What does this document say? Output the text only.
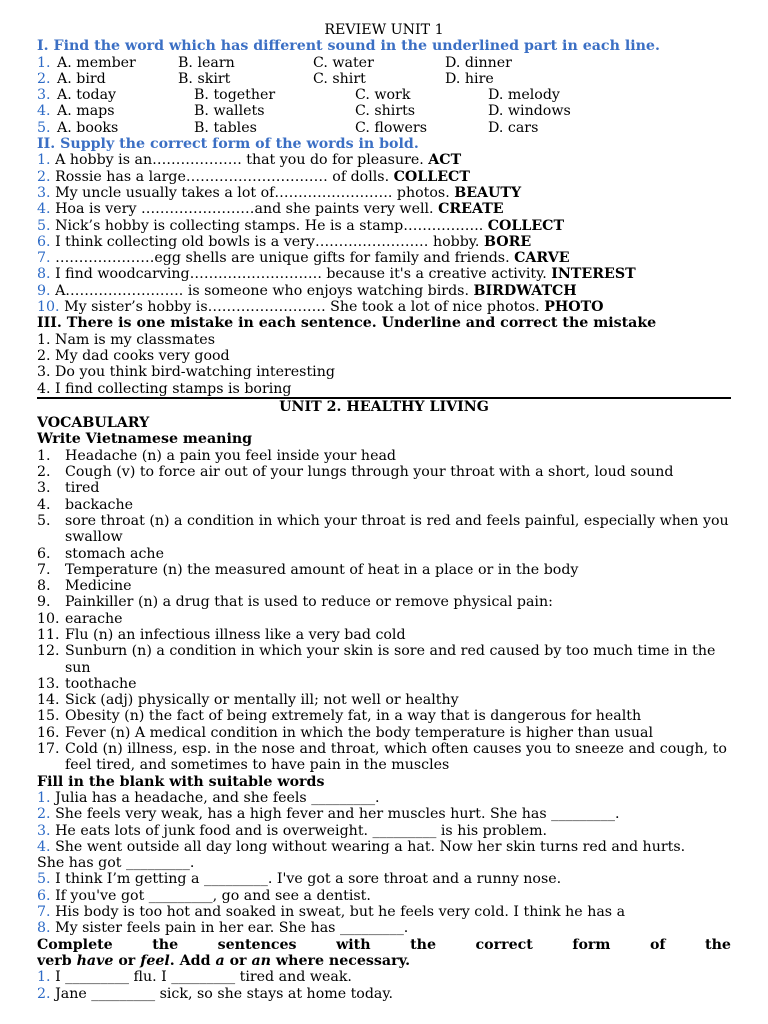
REVIEW UNIT 1
I. Find the word which has different sound in the underlined part in each line.
1. A. member	B. learn	C. water	D. dinner
2. A. bird	B. skirt	C. shirt	D. hire
3. A. today	B. together	C. work	D. melody
4. A. maps	B. wallets	C. shirts	D. windows
5. A. books	B. tables	C. flowers	D. cars
II. Supply the correct form of the words in bold.
1. A hobby is an………………. that you do for pleasure. ACT
2. Rossie has a large………………………… of dolls. COLLECT
3. My uncle usually takes a lot of……………………. photos. BEAUTY
4. Hoa is very ……………………and she paints very well. CREATE
5. Nick’s hobby is collecting stamps. He is a stamp…………….. COLLECT
6. I think collecting old bowls is a very…………………… hobby. BORE
7. …………………egg shells are unique gifts for family and friends. CARVE
8. I find woodcarving………………………. because it's a creative activity. INTEREST
9. A……………………. is someone who enjoys watching birds. BIRDWATCH
10. My sister’s hobby is……………………. She took a lot of nice photos. PHOTO
III. There is one mistake in each sentence. Underline and correct the mistake
1. Nam is my classmates
2. My dad cooks very good
3. Do you think bird-watching interesting
4. I find collecting stamps is boring
UNIT 2. HEALTHY LIVING
VOCABULARY
Write Vietnamese meaning
1.	Headache (n) a pain you feel inside your head
2.	Cough (v) to force air out of your lungs through your throat with a short, loud sound
3.	tired
4.	backache
5.	sore throat (n) a condition in which your throat is red and feels painful, especially when you swallow
6.	stomach ache
7.	Temperature (n) the measured amount of heat in a place or in the body
8.	Medicine
9.	Painkiller (n) a drug that is used to reduce or remove physical pain:
10. earache
11. Flu (n) an infectious illness like a very bad cold
12. Sunburn (n) a condition in which your skin is sore and red caused by too much time in the sun
13. toothache
14. Sick (adj) physically or mentally ill; not well or healthy
15. Obesity (n) the fact of being extremely fat, in a way that is dangerous for health
16. Fever (n) A medical condition in which the body temperature is higher than usual
17. Cold (n) illness, esp. in the nose and throat, which often causes you to sneeze and cough, to feel tired, and sometimes to have pain in the muscles
Fill in the blank with suitable words
1. Julia has a headache, and she feels _________.
2. She feels very weak, has a high fever and her muscles hurt. She has _________.
3. He eats lots of junk food and is overweight. _________ is his problem.
4. She went outside all day long without wearing a hat. Now her skin turns red and hurts.
She has got _________.
5. I think I’m getting a _________. I've got a sore throat and a runny nose.
6. If you've got _________, go and see a dentist.
7. His body is too hot and soaked in sweat, but he feels very cold. I think he has a
8. My sister feels pain in her ear. She has _________.
Complete	the	sentences	with	the	correct	form	of	the
verb have or feel. Add a or an where necessary.
1. I _________ flu. I _________ tired and weak.
2. Jane _________ sick, so she stays at home today.
